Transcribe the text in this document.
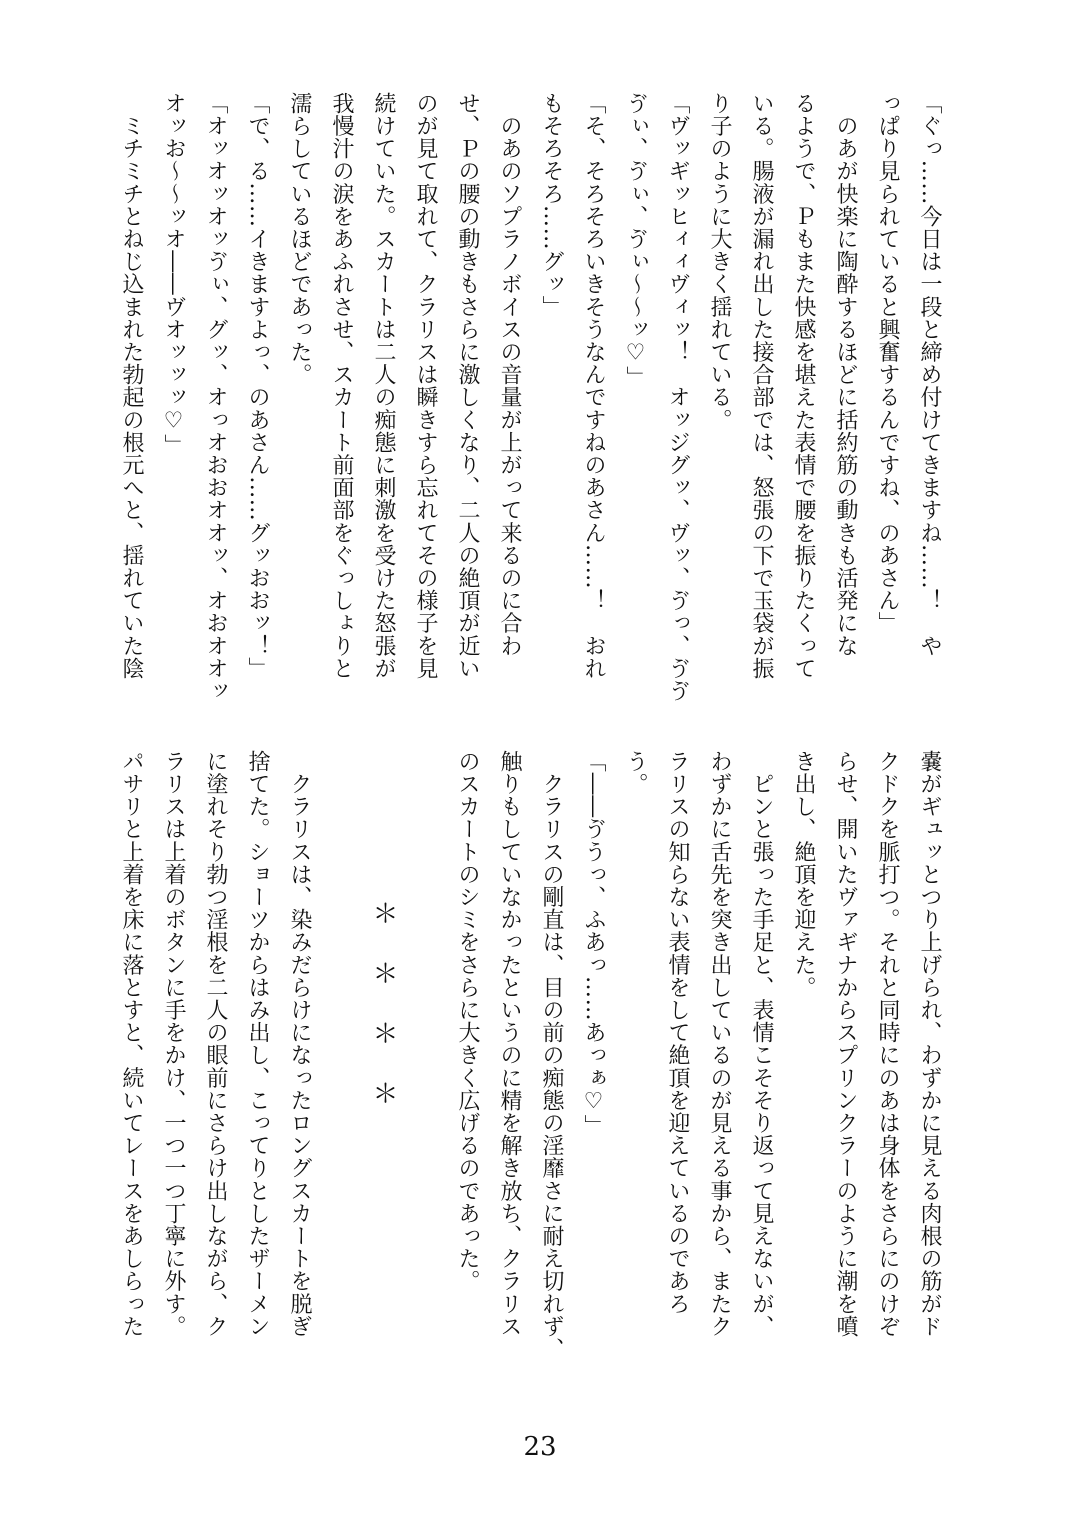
「ぐっ……今日は一段と締め付けてきますね……！　や
っぱり見られていると興奮するんですね、のあさん」
　のあが快楽に陶酔するほどに括約筋の動きも活発にな
るようで、Ｐもまた快感を堪えた表情で腰を振りたくって
いる。腸液が漏れ出した接合部では、怒張の下で玉袋が振
り子のように大きく揺れている。
「ヴッギッヒィィヴィッ！　オッジグッ、ヴッ、ゔっ、ゔゔ
ゔぃ、ゔぃ、ゔぃ～～ッ♡」
「そ、そろそろいきそうなんですねのあさん……！　おれ
もそろそろ……グッ」
　のあのソプラノボイスの音量が上がって来るのに合わ
せ、Ｐの腰の動きもさらに激しくなり、二人の絶頂が近い
のが見て取れて、クラリスは瞬きすら忘れてその様子を見
続けていた。スカートは二人の痴態に刺激を受けた怒張が
我慢汁の涙をあふれさせ、スカート前面部をぐっしょりと
濡らしているほどであった。
「で、る……イきますよっ、のあさん……グッおおッ！」
「オッオッオッゔぃ、グッ、オっオおおオオッ、オおオオッ
オッお～～ッオ――ヴオッッッ♡」
　ミチミチとねじ込まれた勃起の根元へと、揺れていた陰
嚢がギュッとつり上げられ、わずかに見える肉根の筋がド
クドクを脈打つ。それと同時にのあは身体をさらにのけぞ
らせ、開いたヴァギナからスプリンクラーのように潮を噴
き出し、絶頂を迎えた。
　ピンと張った手足と、表情こそそり返って見えないが、
わずかに舌先を突き出しているのが見える事から、またク
ラリスの知らない表情をして絶頂を迎えているのであろ
う。
「――ゔうっ、ふあっ……あっぁ♡」
　クラリスの剛直は、目の前の痴態の淫靡さに耐え切れず、
触りもしていなかったというのに精を解き放ち、クラリス
のスカートのシミをさらに大きく広げるのであった。
＊＊＊＊
　クラリスは、染みだらけになったロングスカートを脱ぎ
捨てた。ショーツからはみ出し、こってりとしたザーメン
に塗れそり勃つ淫根を二人の眼前にさらけ出しながら、ク
ラリスは上着のボタンに手をかけ、一つ一つ丁寧に外す。
パサリと上着を床に落とすと、続いてレースをあしらった
23
